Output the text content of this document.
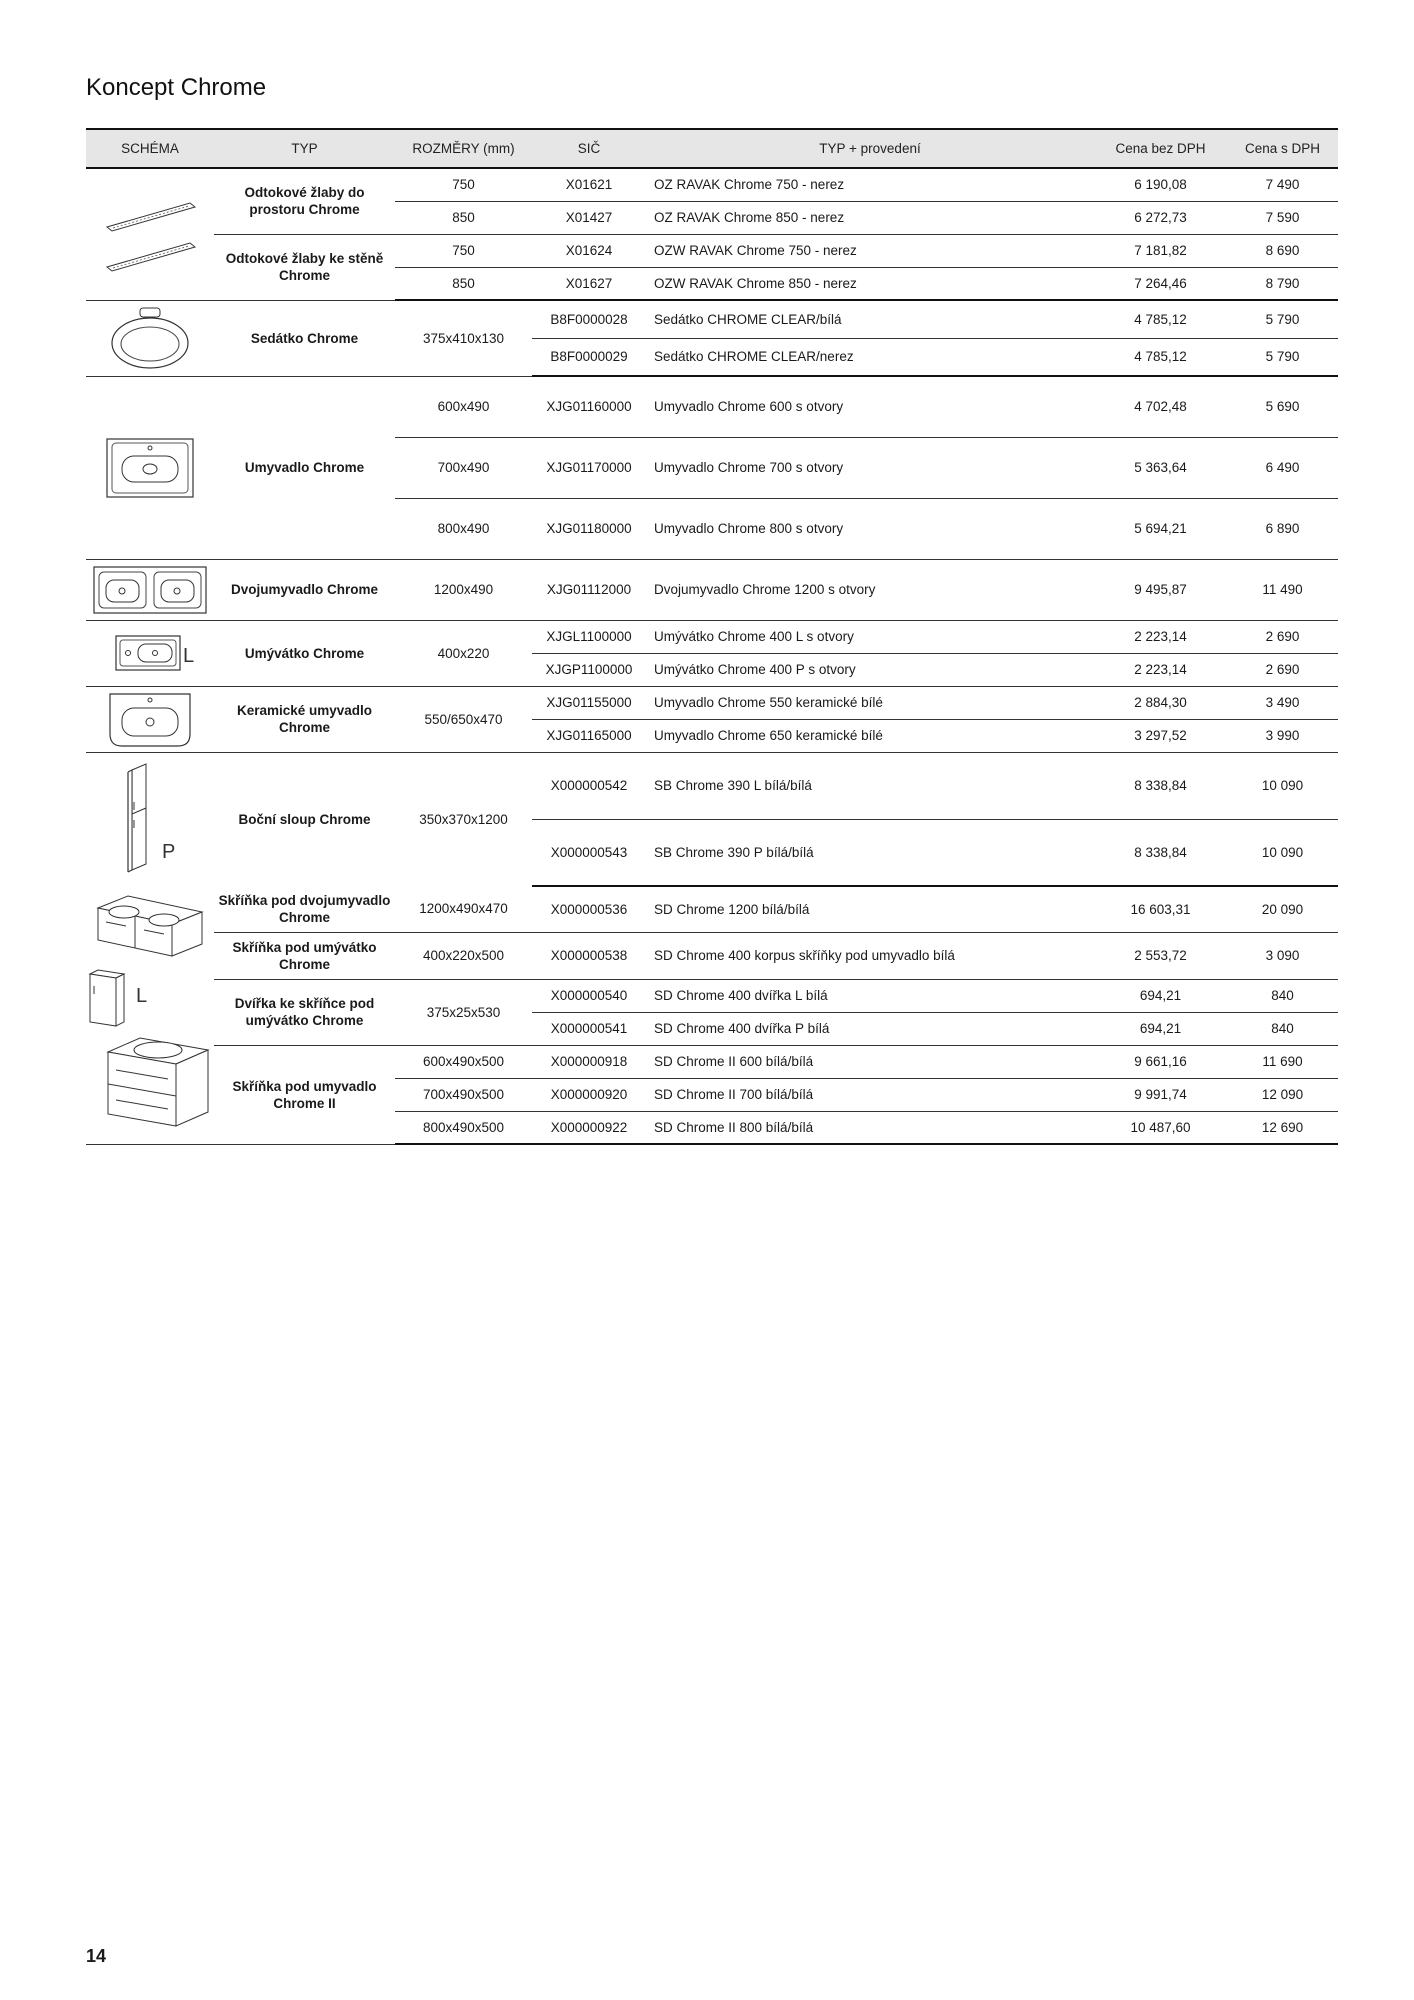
Koncept Chrome
SCHÉMA	TYP	ROZMĚRY (mm)	SIČ	TYP + provedení	Cena bez DPH	Cena s DPH

	Odtokové žlaby do prostoru Chrome	750	X01621	OZ RAVAK Chrome 750 - nerez	6 190,08	7 490
		850	X01427	OZ RAVAK Chrome 850 - nerez	6 272,73	7 590
	Odtokové žlaby ke stěně Chrome	750	X01624	OZW RAVAK Chrome 750 - nerez	7 181,82	8 690
		850	X01627	OZW RAVAK Chrome 850 - nerez	7 264,46	8 790

	Sedátko Chrome	375x410x130	B8F0000028	Sedátko CHROME CLEAR/bílá	4 785,12	5 790
			B8F0000029	Sedátko CHROME CLEAR/nerez	4 785,12	5 790

	Umyvadlo Chrome	600x490	XJG01160000	Umyvadlo Chrome 600 s otvory	4 702,48	5 690
		700x490	XJG01170000	Umyvadlo Chrome 700 s otvory	5 363,64	6 490
		800x490	XJG01180000	Umyvadlo Chrome 800 s otvory	5 694,21	6 890

	Dvojumyvadlo Chrome	1200x490	XJG01112000	Dvojumyvadlo Chrome 1200 s otvory	9 495,87	11 490

L	Umývátko Chrome	400x220	XJGL1100000	Umývátko Chrome 400 L s otvory	2 223,14	2 690
			XJGP1100000	Umývátko Chrome 400 P s otvory	2 223,14	2 690

	Keramické umyvadlo Chrome	550/650x470	XJG01155000	Umyvadlo Chrome 550 keramické bílé	2 884,30	3 490
			XJG01165000	Umyvadlo Chrome 650 keramické bílé	3 297,52	3 990

P	Boční sloup Chrome	350x370x1200	X000000542	SB Chrome 390 L bílá/bílá	8 338,84	10 090
			X000000543	SB Chrome 390 P bílá/bílá	8 338,84	10 090

L	Skříňka pod dvojumyvadlo Chrome	1200x490x470	X000000536	SD Chrome 1200 bílá/bílá	16 603,31	20 090
	Skříňka pod umývátko Chrome	400x220x500	X000000538	SD Chrome 400 korpus skříňky pod umyvadlo bílá	2 553,72	3 090
	Dvířka ke skříňce pod umývátko Chrome	375x25x530	X000000540	SD Chrome 400 dvířka L bílá	694,21	840
			X000000541	SD Chrome 400 dvířka P bílá	694,21	840
	Skříňka pod umyvadlo Chrome II	600x490x500	X000000918	SD Chrome II 600 bílá/bílá	9 661,16	11 690
		700x490x500	X000000920	SD Chrome II 700 bílá/bílá	9 991,74	12 090
		800x490x500	X000000922	SD Chrome II 800 bílá/bílá	10 487,60	12 690
14
